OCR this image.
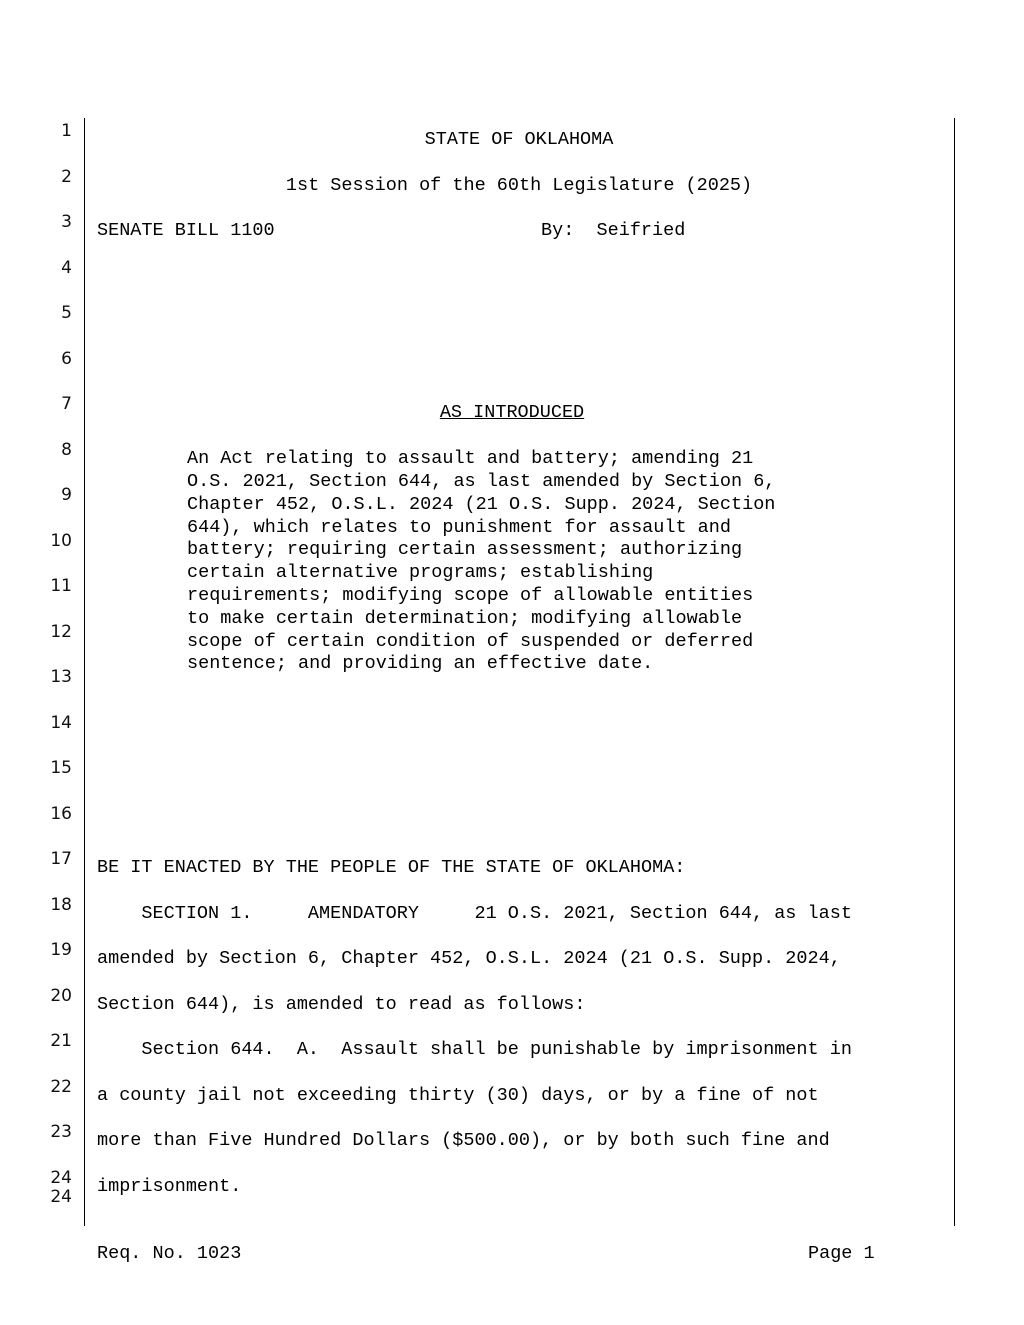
1
2
3
4
5
6
7
8
9
10
11
12
13
14
15
16
17
18
19
20
21
22
23
24
24
STATE OF OKLAHOMA
1st Session of the 60th Legislature (2025)
SENATE BILL 1100	By:  Seifried
AS INTRODUCED
An Act relating to assault and battery; amending 21
O.S. 2021, Section 644, as last amended by Section 6,
Chapter 452, O.S.L. 2024 (21 O.S. Supp. 2024, Section
644), which relates to punishment for assault and
battery; requiring certain assessment; authorizing
certain alternative programs; establishing
requirements; modifying scope of allowable entities
to make certain determination; modifying allowable
scope of certain condition of suspended or deferred
sentence; and providing an effective date.
BE IT ENACTED BY THE PEOPLE OF THE STATE OF OKLAHOMA:
SECTION 1.     AMENDATORY     21 O.S. 2021, Section 644, as last
amended by Section 6, Chapter 452, O.S.L. 2024 (21 O.S. Supp. 2024,
Section 644), is amended to read as follows:
Section 644.  A.  Assault shall be punishable by imprisonment in
a county jail not exceeding thirty (30) days, or by a fine of not
more than Five Hundred Dollars ($500.00), or by both such fine and
imprisonment.
Req. No. 1023	Page 1
